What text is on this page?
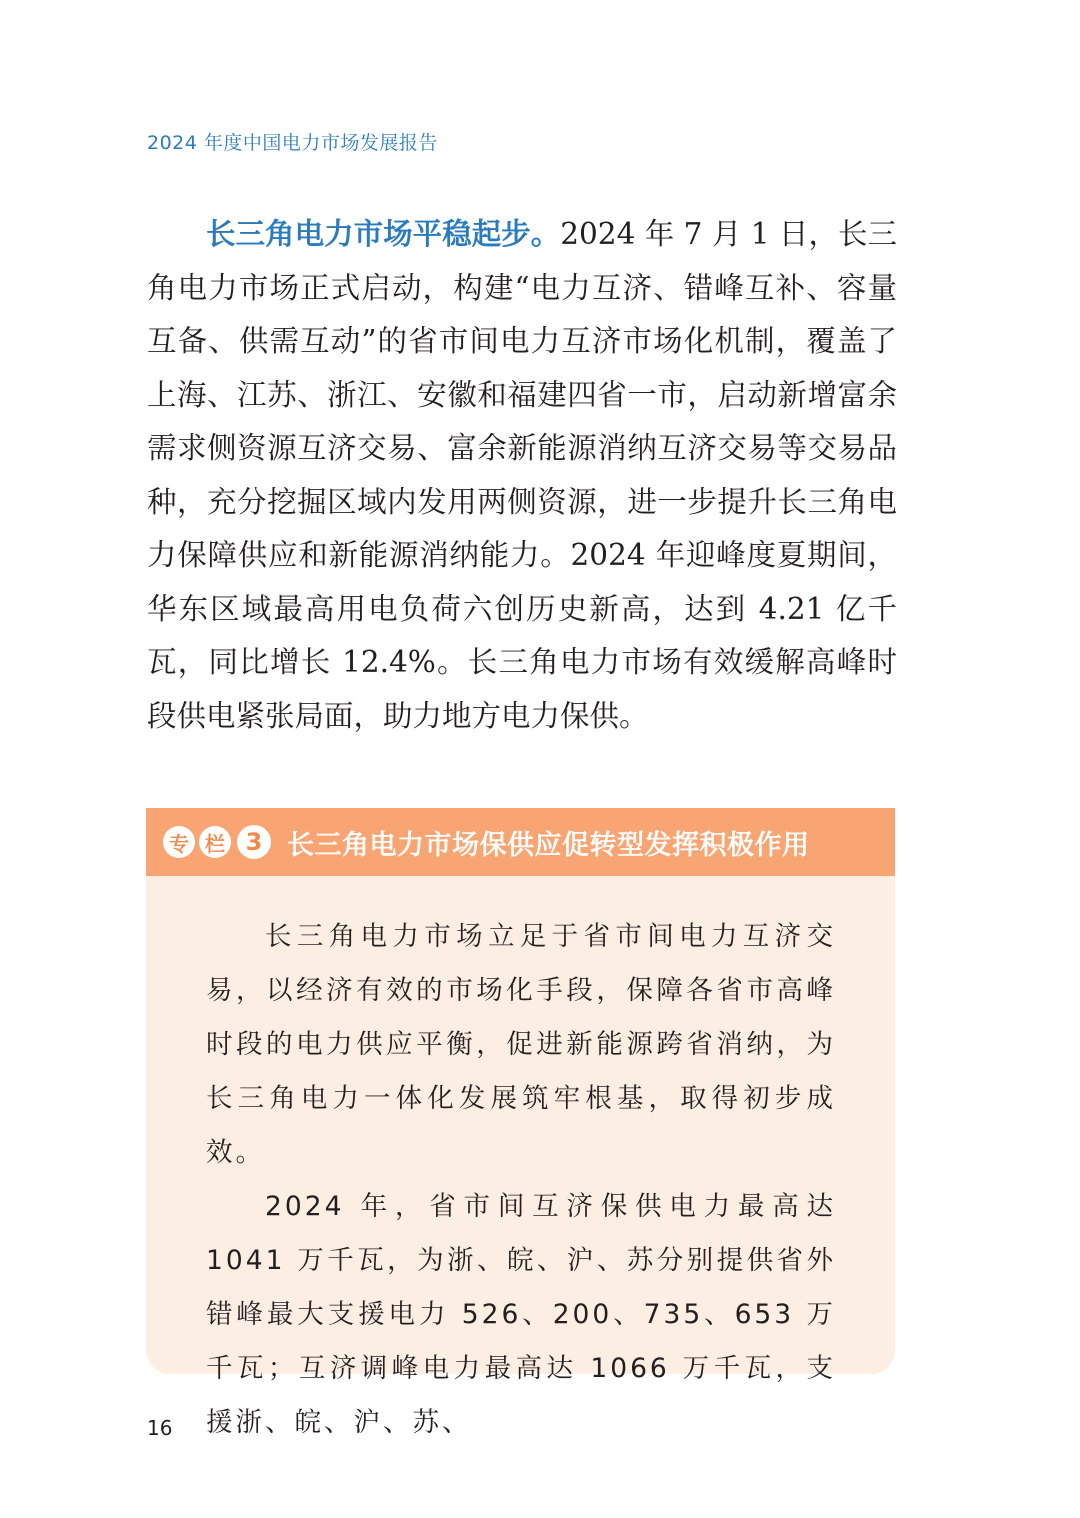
2024 年度中国电力市场发展报告

长三角电力市场平稳起步。2024 年 7 月 1 日，长三角电力市场正式启动，构建“电力互济、错峰互补、容量互备、供需互动”的省市间电力互济市场化机制，覆盖了上海、江苏、浙江、安徽和福建四省一市，启动新增富余需求侧资源互济交易、富余新能源消纳互济交易等交易品种，充分挖掘区域内发用两侧资源，进一步提升长三角电力保障供应和新能源消纳能力。2024 年迎峰度夏期间，华东区域最高用电负荷六创历史新高，达到 4.21 亿千瓦，同比增长 12.4%。长三角电力市场有效缓解高峰时段供电紧张局面，助力地方电力保供。

专 栏 3 长三角电力市场保供应促转型发挥积极作用

长三角电力市场立足于省市间电力互济交易，以经济有效的市场化手段，保障各省市高峰时段的电力供应平衡，促进新能源跨省消纳，为长三角电力一体化发展筑牢根基，取得初步成效。

2024 年，省市间互济保供电力最高达 1041 万千瓦，为浙、皖、沪、苏分别提供省外错峰最大支援电力 526、200、735、653 万千瓦；互济调峰电力最高达 1066 万千瓦，支援浙、皖、沪、苏、

16
